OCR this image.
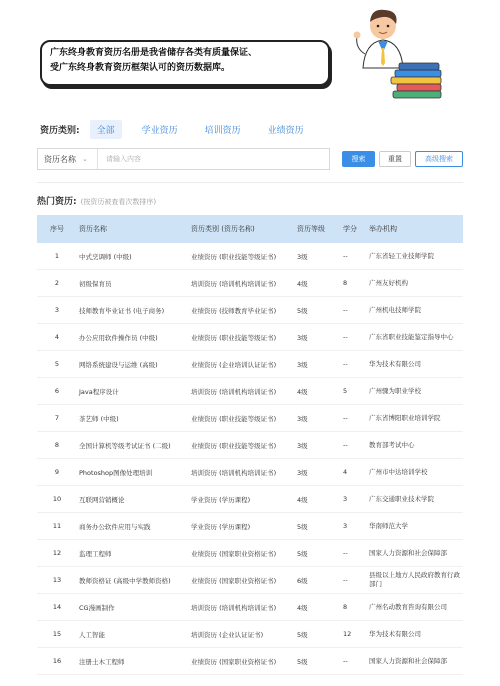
广东终身教育资历名册是我省储存各类有质量保证、
受广东终身教育资历框架认可的资历数据库。
资历类别:	全部	学业资历	培训资历	业绩资历
资历名称 ⌄
请输入内容	搜索	重置	高级搜索
热门资历: (按资历被查看次数排序)
序号	资历名称	资历类别 (资历名称)	资历等级	学分	举办机构
1	中式烹调师 (中级)	业绩资历 (职业技能等级证书)	3级	--	广东省轻工业技师学院
2	初级保育员	培训资历 (培训机构培训证书)	4级	8	广州友好机构
3	技师教育毕业证书 (电子商务)	业绩资历 (技师教育毕业证书)	5级	--	广州机电技师学院
4	办公应用软件操作员 (中级)	业绩资历 (职业技能等级证书)	3级	--	广东省职业技能鉴定指导中心
5	网络系统建设与运维 (高级)	业绩资历 (企业培训认证证书)	3级	--	华为技术有限公司
6	Java程序设计	培训资历 (培训机构培训证书)	4级	5	广州骤为职业学校
7	茶艺师 (中级)	业绩资历 (职业技能等级证书)	3级	--	广东省博阳职业培训学院
8	全国计算机等级考试证书 (二级)	业绩资历 (职业技能等级证书)	3级	--	教育部考试中心
9	Photoshop图像处理培训	培训资历 (培训机构培训证书)	3级	4	广州市中达培训学校
10	互联网营销概论	学业资历 (学历课程)	4级	3	广东交通职业技术学院
11	商务办公软件应用与实践	学业资历 (学历课程)	5级	3	华南师范大学
12	监理工程师	业绩资历 (国家职业资格证书)	5级	--	国家人力资源和社会保障部
13	教师资格证 (高级中学教师资格)	业绩资历 (国家职业资格证书)	6级	--
县级以上地方人民政府教育行政部门
14	CG漫画制作	培训资历 (培训机构培训证书)	4级	8	广州名动教育咨询有限公司
15	人工智能	培训资历 (企业认证证书)	5级	12	华为技术有限公司
16	注册土木工程师	业绩资历 (国家职业资格证书)	5级	--	国家人力资源和社会保障部
